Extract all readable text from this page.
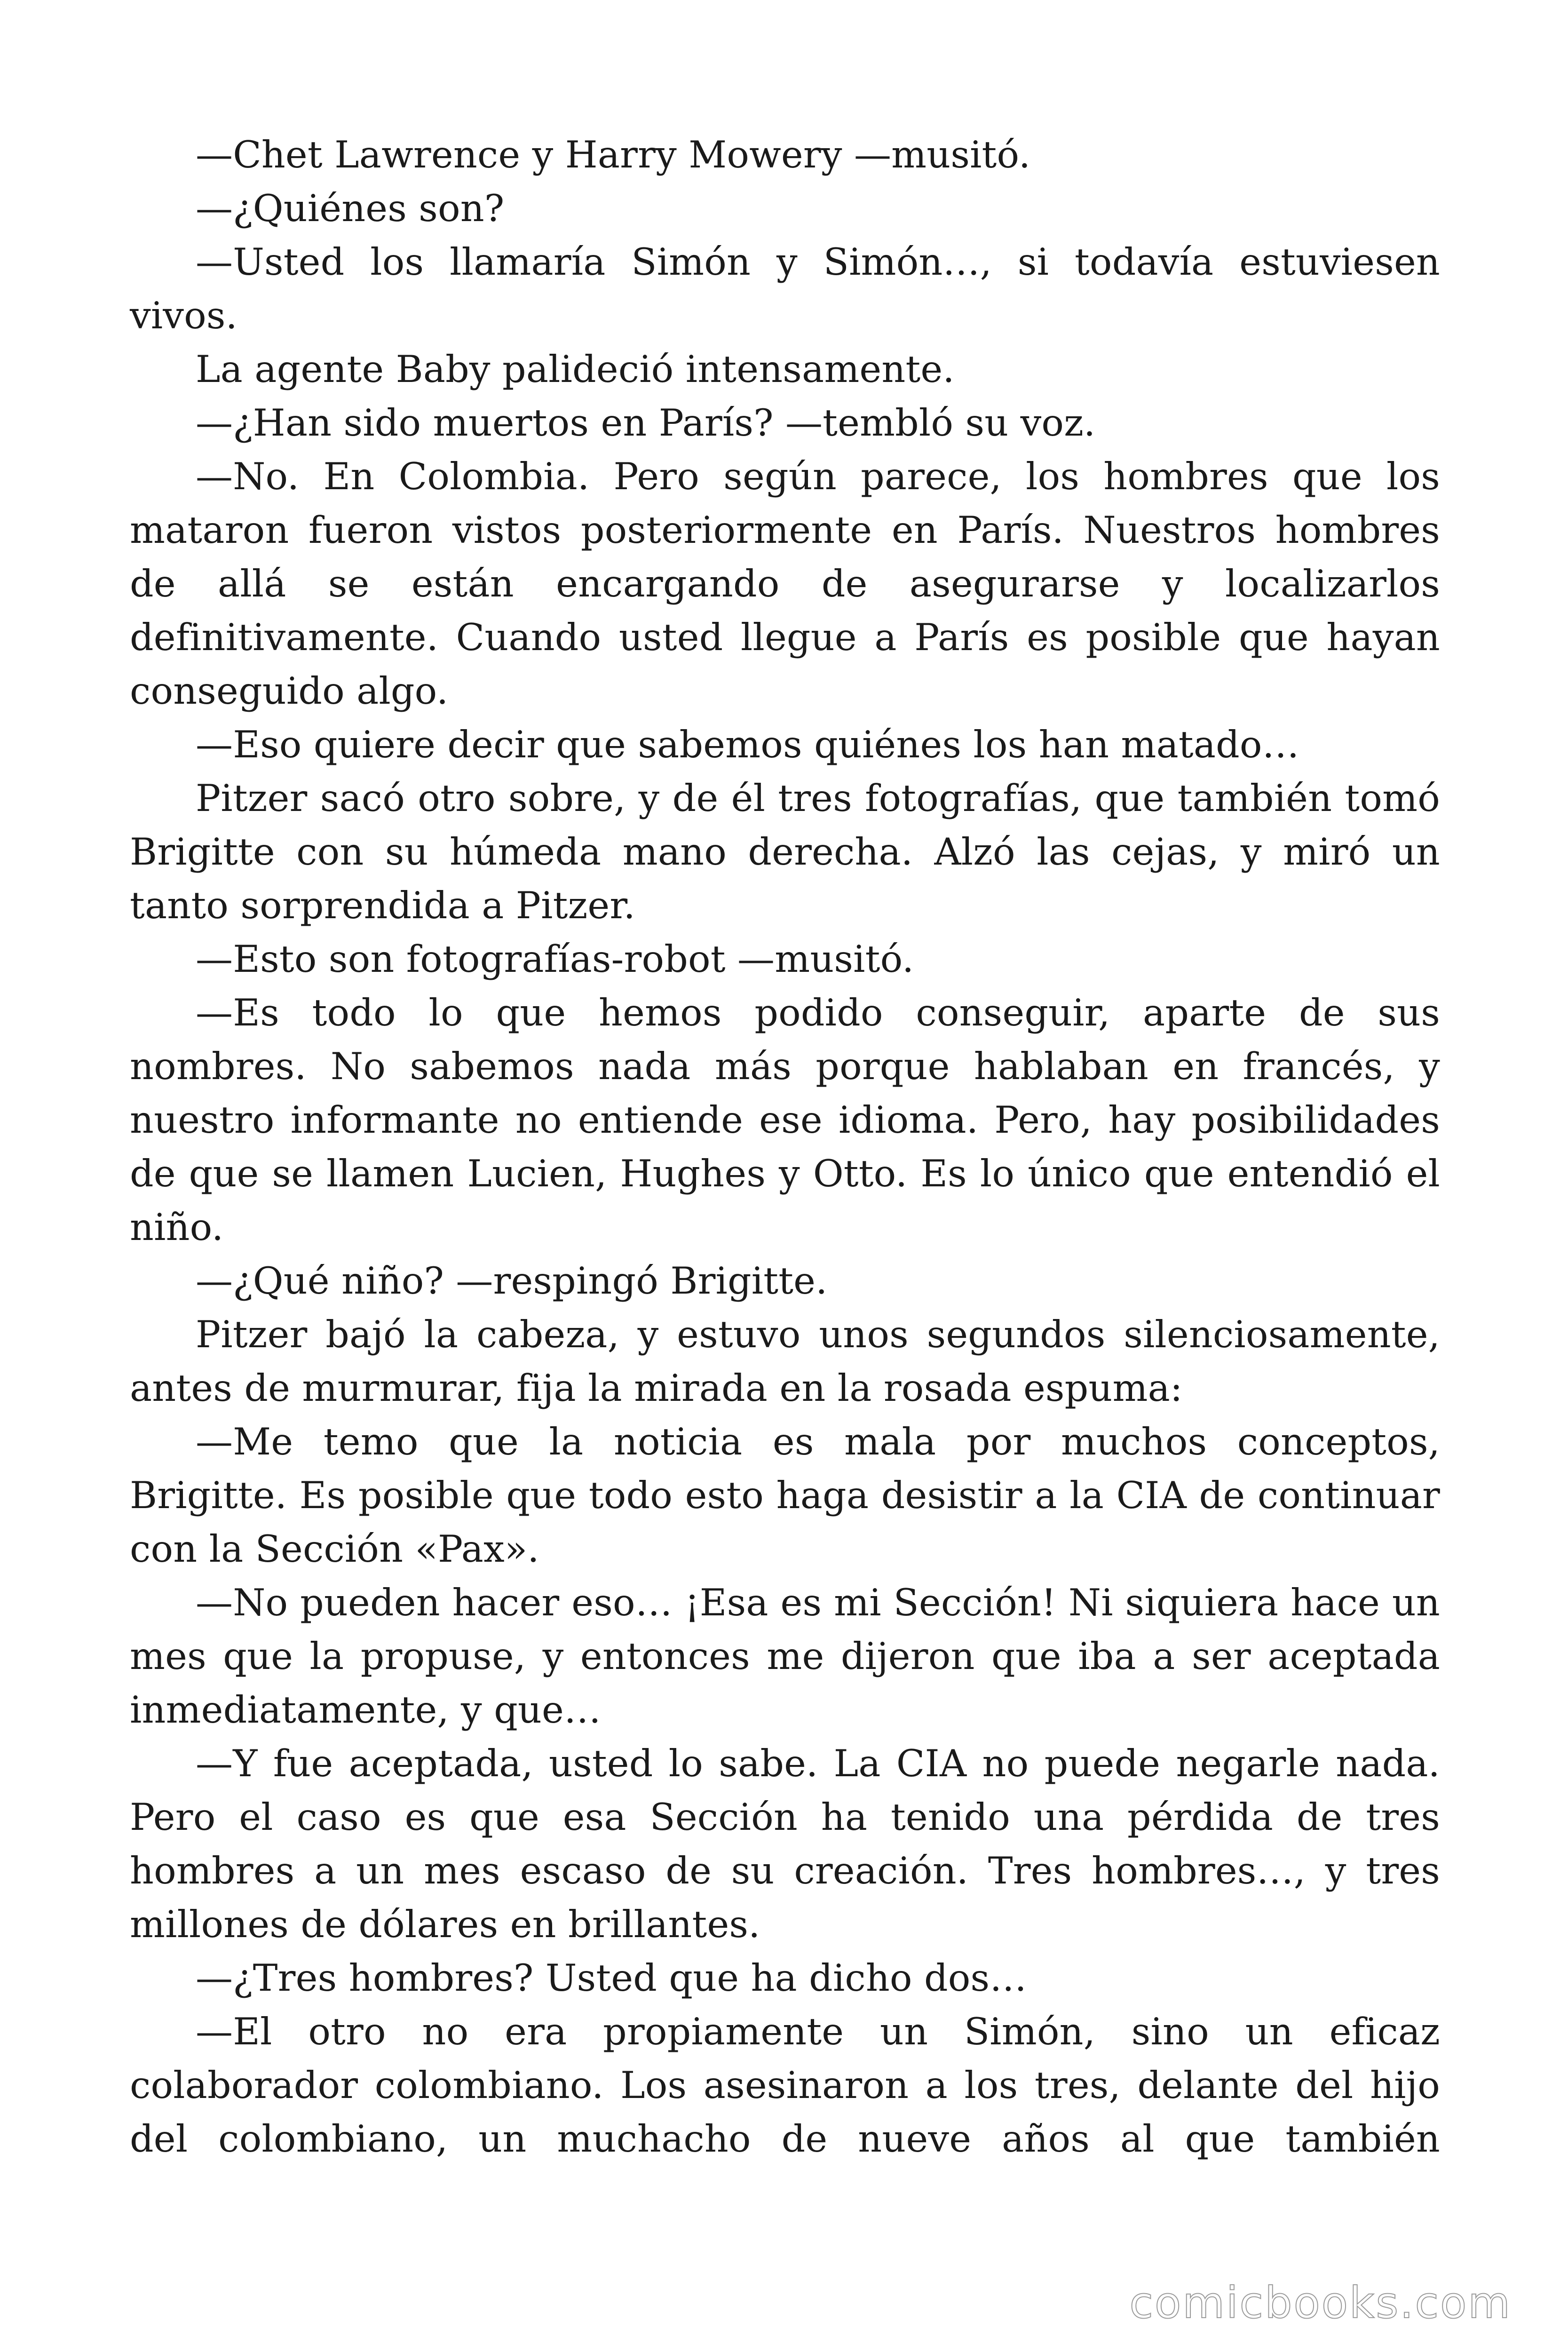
—Chet Lawrence y Harry Mowery —musitó.

—¿Quiénes son?

—Usted los llamaría Simón y Simón…, si todavía estuviesen vivos.

La agente Baby palideció intensamente.

—¿Han sido muertos en París? —tembló su voz.

—No. En Colombia. Pero según parece, los hombres que los mataron fueron vistos posteriormente en París. Nuestros hombres de allá se están encargando de asegurarse y localizarlos definitivamente. Cuando usted llegue a París es posible que hayan conseguido algo.

—Eso quiere decir que sabemos quiénes los han matado…

Pitzer sacó otro sobre, y de él tres fotografías, que también tomó Brigitte con su húmeda mano derecha. Alzó las cejas, y miró un tanto sorprendida a Pitzer.

—Esto son fotografías-robot —musitó.

—Es todo lo que hemos podido conseguir, aparte de sus nombres. No sabemos nada más porque hablaban en francés, y nuestro informante no entiende ese idioma. Pero, hay posibilidades de que se llamen Lucien, Hughes y Otto. Es lo único que entendió el niño.

—¿Qué niño? —respingó Brigitte.

Pitzer bajó la cabeza, y estuvo unos segundos silenciosamente, antes de murmurar, fija la mirada en la rosada espuma:

—Me temo que la noticia es mala por muchos conceptos, Brigitte. Es posible que todo esto haga desistir a la CIA de continuar con la Sección «Pax».

—No pueden hacer eso… ¡Esa es mi Sección! Ni siquiera hace un mes que la propuse, y entonces me dijeron que iba a ser aceptada inmediatamente, y que…

—Y fue aceptada, usted lo sabe. La CIA no puede negarle nada. Pero el caso es que esa Sección ha tenido una pérdida de tres hombres a un mes escaso de su creación. Tres hombres…, y tres millones de dólares en brillantes.

—¿Tres hombres? Usted que ha dicho dos…

—El otro no era propiamente un Simón, sino un eficaz colaborador colombiano. Los asesinaron a los tres, delante del hijo del colombiano, un muchacho de nueve años al que también

comicbooks.com
